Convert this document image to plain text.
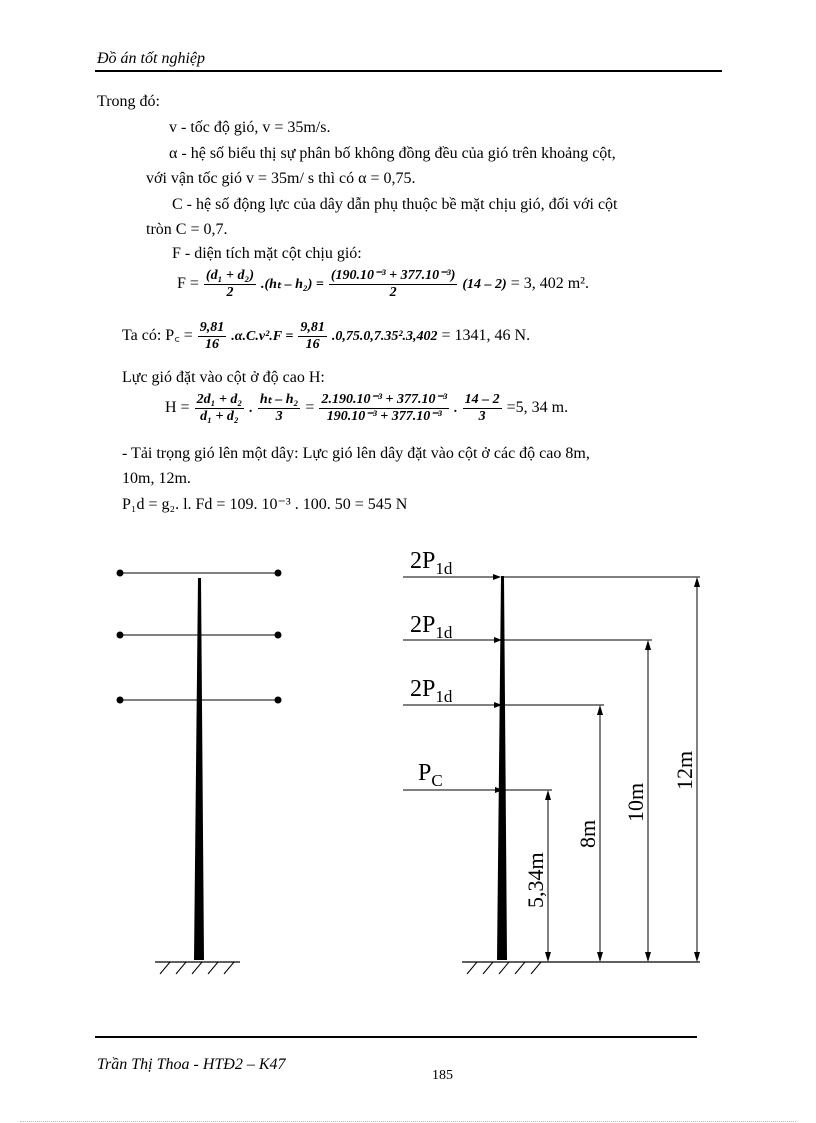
Đồ án tốt nghiệp
Trong đó:
v - tốc độ gió, v = 35m/s.
α - hệ số biểu thị sự phân bố không đồng đều của gió trên khoảng cột,
với vận tốc gió v = 35m/ s thì có α = 0,75.
C - hệ số động lực của dây dẫn phụ thuộc bề mặt chịu gió, đối với cột
tròn C = 0,7.
F - diện tích mặt cột chịu gió:
$F = \frac{\text{(d₁ + d₂)}}{2} .(h_t - h_2) = \frac{\text{(190.10⁻³ + 377.10⁻³)}}{2} (14 - 2) = 3$, 402 m².
Ta có: P꜀ = $\frac{9,81}{16} .\alpha.C.v^2.F = \frac{9,81}{16} .0,75.0,7.35^2.3,402 = 1341$, 46 N.
Lực gió đặt vào cột ở độ cao H:
$H = \frac{\text{2d₁ + d₂}}{\text{d₁ + d₂}}$ . $\frac{\text{hₜ – h₂}}{3} = \frac{\text{2.190.10⁻³ + 377.10⁻³}}{\text{190.10⁻³ + 377.10⁻³}}$ . $\frac{14 - 2}{3} =5$, 34 m.
- Tải trọng gió lên một dây: Lực gió lên dây đặt vào cột ở các độ cao 8m,
10m, 12m.
P₁d = g₂. l. Fd = 109. 10⁻³ . 100. 50 = 545 N
$2P_{1d}$
$2P_{1d}$
$2P_{1d}$
$P_C$
5,34m
8m
10m
12m
Trần Thị Thoa - HTĐ2 – K47
185
